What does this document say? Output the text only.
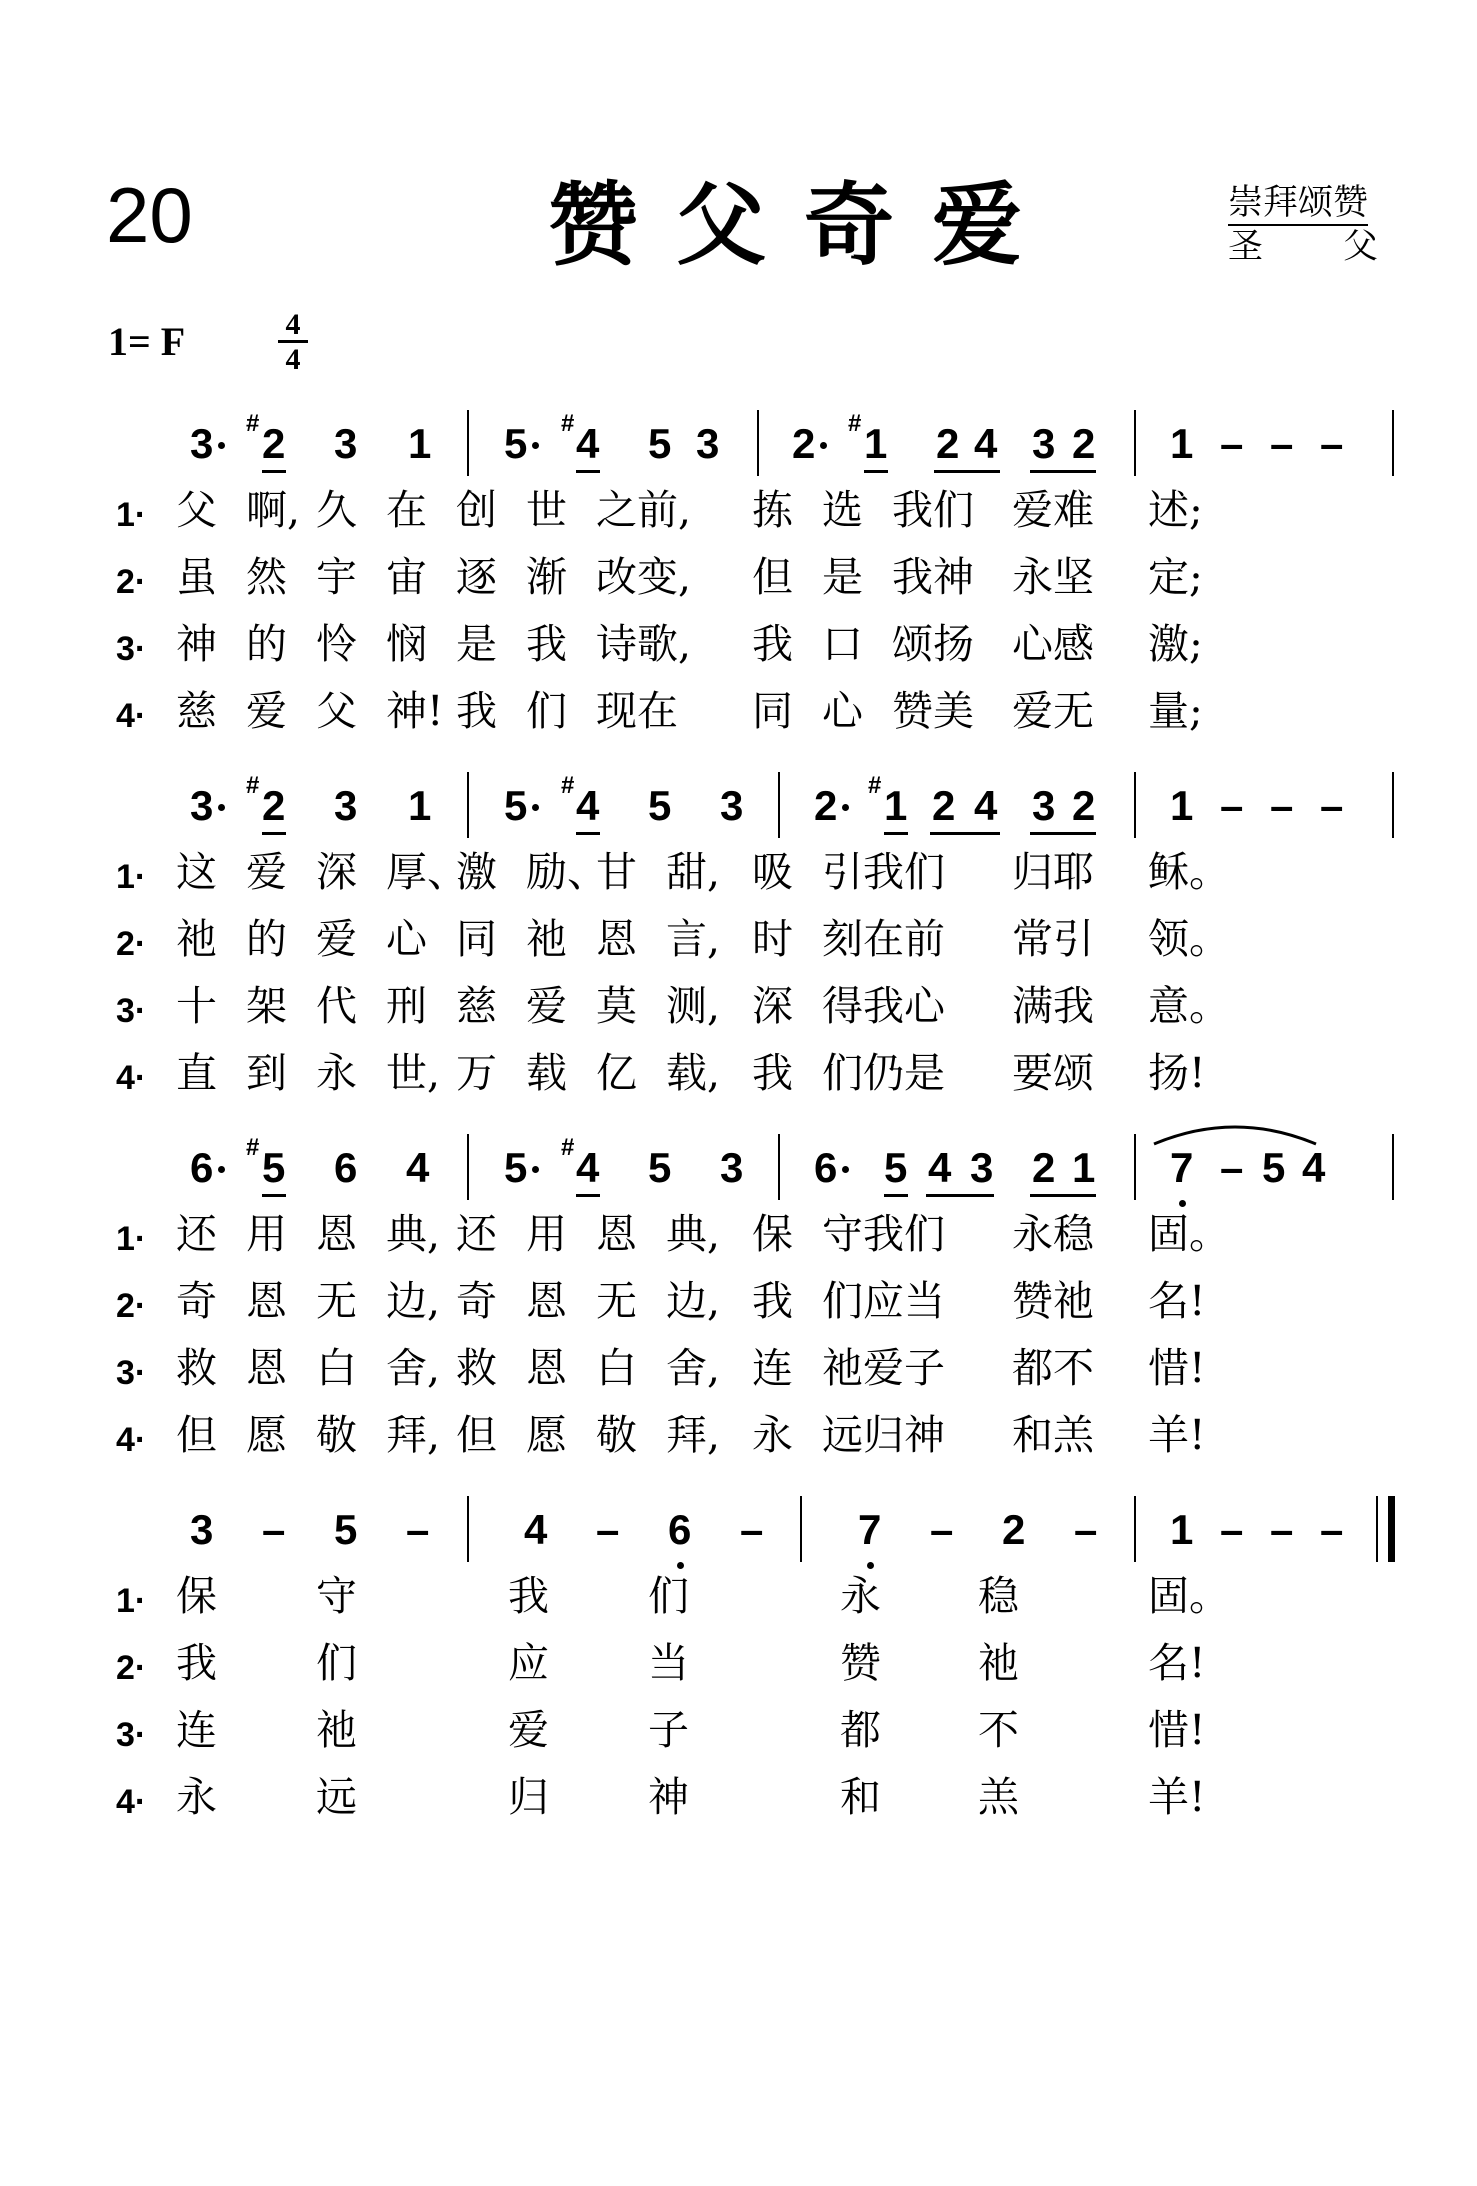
20	赞父奇爱	崇拜颂赞
圣 父
1= F	4
4
3 # 2 3 1 5 # 4 5 3 2 # 1 2 4 3 2 1 – – –
1· 父 啊, 久 在 创 世 之前, 拣 选 我们 爱难 述;
2· 虽 然 宇 宙 逐 渐 改变, 但 是 我神 永坚 定;
3· 神 的 怜 悯 是 我 诗歌, 我 口 颂扬 心感 激;
4· 慈 爱 父 神! 我 们 现在 同 心 赞美 爱无 量;
3 # 2 3 1 5 # 4 5 3 2 # 1 2 4 3 2 1 – – –
1· 这 爱 深 厚、
激 励、
甘 甜, 吸 引我们 归耶 稣。
2· 祂 的 爱 心 同 祂 恩 言, 时 刻在前 常引 领。
3· 十 架 代 刑 慈 爱 莫 测, 深 得我心 满我 意。
4· 直 到 永 世, 万 载 亿 载, 我 们仍是 要颂 扬!
6 # 5 6 4 5 # 4 5 3 6 5 4 3 2 1 7 – 5 4
1· 还 用 恩 典, 还 用 恩 典, 保 守我们 永稳 固。
2· 奇 恩 无 边, 奇 恩 无 边, 我 们应当 赞祂 名!
3· 救 恩 白 舍, 救 恩 白 舍, 连 祂爱子 都不 惜!
4· 但 愿 敬 拜, 但 愿 敬 拜, 永 远归神 和羔 羊!
3 – 5 – 4 – 6 – 7 – 2 – 1 – – –
1· 保 守	我 们	永 稳	固。
2· 我 们	应 当	赞 祂	名!
3· 连 祂	爱 子	都 不	惜!
4· 永 远	归 神	和 羔	羊!
